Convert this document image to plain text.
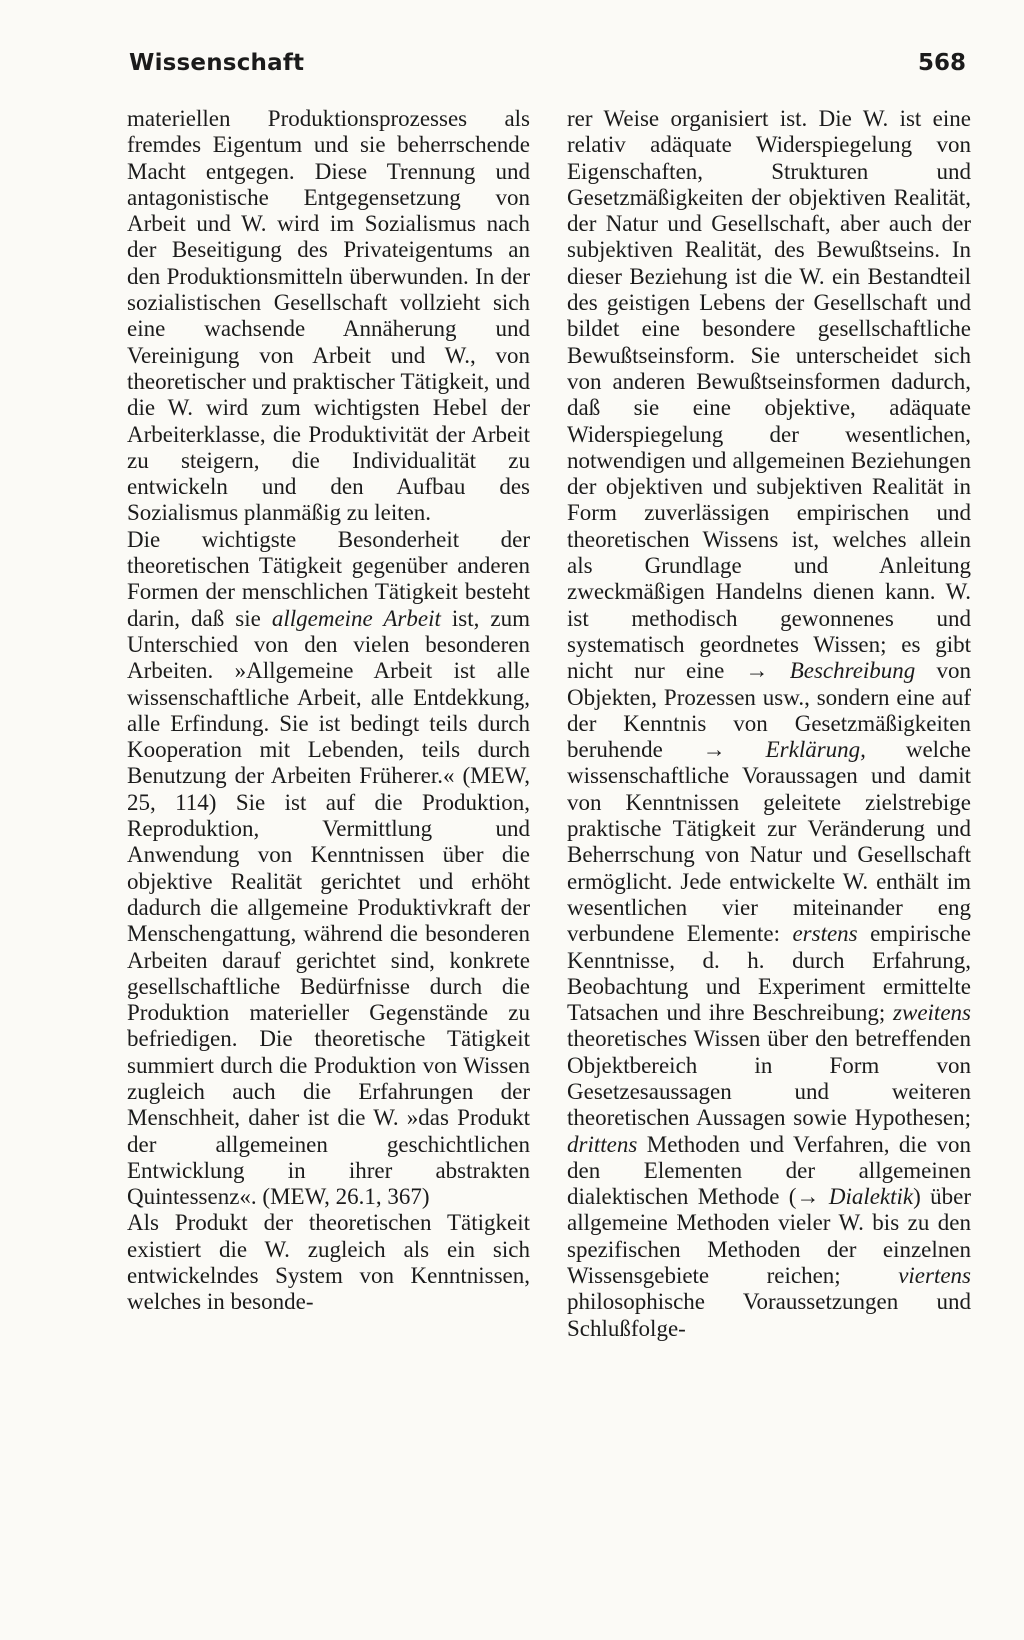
Wissenschaft	568

materiellen Produktionsprozesses als fremdes Eigentum und sie beherrschende Macht entgegen. Diese Trennung und antagonistische Entgegensetzung von Arbeit und W. wird im Sozialismus nach der Beseitigung des Privateigentums an den Produktionsmitteln überwunden. In der sozialistischen Gesellschaft vollzieht sich eine wachsende Annäherung und Vereinigung von Arbeit und W., von theoretischer und praktischer Tätigkeit, und die W. wird zum wichtigsten Hebel der Arbeiterklasse, die Produktivität der Arbeit zu steigern, die Individualität zu entwickeln und den Aufbau des Sozialismus planmäßig zu leiten.

Die wichtigste Besonderheit der theoretischen Tätigkeit gegenüber anderen Formen der menschlichen Tätigkeit besteht darin, daß sie allgemeine Arbeit ist, zum Unterschied von den vielen besonderen Arbeiten. »Allgemeine Arbeit ist alle wissenschaftliche Arbeit, alle Entdekkung, alle Erfindung. Sie ist bedingt teils durch Kooperation mit Lebenden, teils durch Benutzung der Arbeiten Früherer.« (MEW, 25, 114) Sie ist auf die Produktion, Reproduktion, Vermittlung und Anwendung von Kenntnissen über die objektive Realität gerichtet und erhöht dadurch die allgemeine Produktivkraft der Menschengattung, während die besonderen Arbeiten darauf gerichtet sind, konkrete gesellschaftliche Bedürfnisse durch die Produktion materieller Gegenstände zu befriedigen. Die theoretische Tätigkeit summiert durch die Produktion von Wissen zugleich auch die Erfahrungen der Menschheit, daher ist die W. »das Produkt der allgemeinen geschichtlichen Entwicklung in ihrer abstrakten Quintessenz«. (MEW, 26.1, 367)

Als Produkt der theoretischen Tätigkeit existiert die W. zugleich als ein sich entwickelndes System von Kenntnissen, welches in besonde-

rer Weise organisiert ist. Die W. ist eine relativ adäquate Widerspiegelung von Eigenschaften, Strukturen und Gesetzmäßigkeiten der objektiven Realität, der Natur und Gesellschaft, aber auch der subjektiven Realität, des Bewußtseins. In dieser Beziehung ist die W. ein Bestandteil des geistigen Lebens der Gesellschaft und bildet eine besondere gesellschaftliche Bewußtseinsform. Sie unterscheidet sich von anderen Bewußtseinsformen dadurch, daß sie eine objektive, adäquate Widerspiegelung der wesentlichen, notwendigen und allgemeinen Beziehungen der objektiven und subjektiven Realität in Form zuverlässigen empirischen und theoretischen Wissens ist, welches allein als Grundlage und Anleitung zweckmäßigen Handelns dienen kann. W. ist methodisch gewonnenes und systematisch geordnetes Wissen; es gibt nicht nur eine → Beschreibung von Objekten, Prozessen usw., sondern eine auf der Kenntnis von Gesetzmäßigkeiten beruhende → Erklärung, welche wissenschaftliche Voraussagen und damit von Kenntnissen geleitete zielstrebige praktische Tätigkeit zur Veränderung und Beherrschung von Natur und Gesellschaft ermöglicht. Jede entwickelte W. enthält im wesentlichen vier miteinander eng verbundene Elemente: erstens empirische Kenntnisse, d. h. durch Erfahrung, Beobachtung und Experiment ermittelte Tatsachen und ihre Beschreibung; zweitens theoretisches Wissen über den betreffenden Objektbereich in Form von Gesetzesaussagen und weiteren theoretischen Aussagen sowie Hypothesen; drittens Methoden und Verfahren, die von den Elementen der allgemeinen dialektischen Methode (→ Dialektik) über allgemeine Methoden vieler W. bis zu den spezifischen Methoden der einzelnen Wissensgebiete reichen; viertens philosophische Voraussetzungen und Schlußfolge-
